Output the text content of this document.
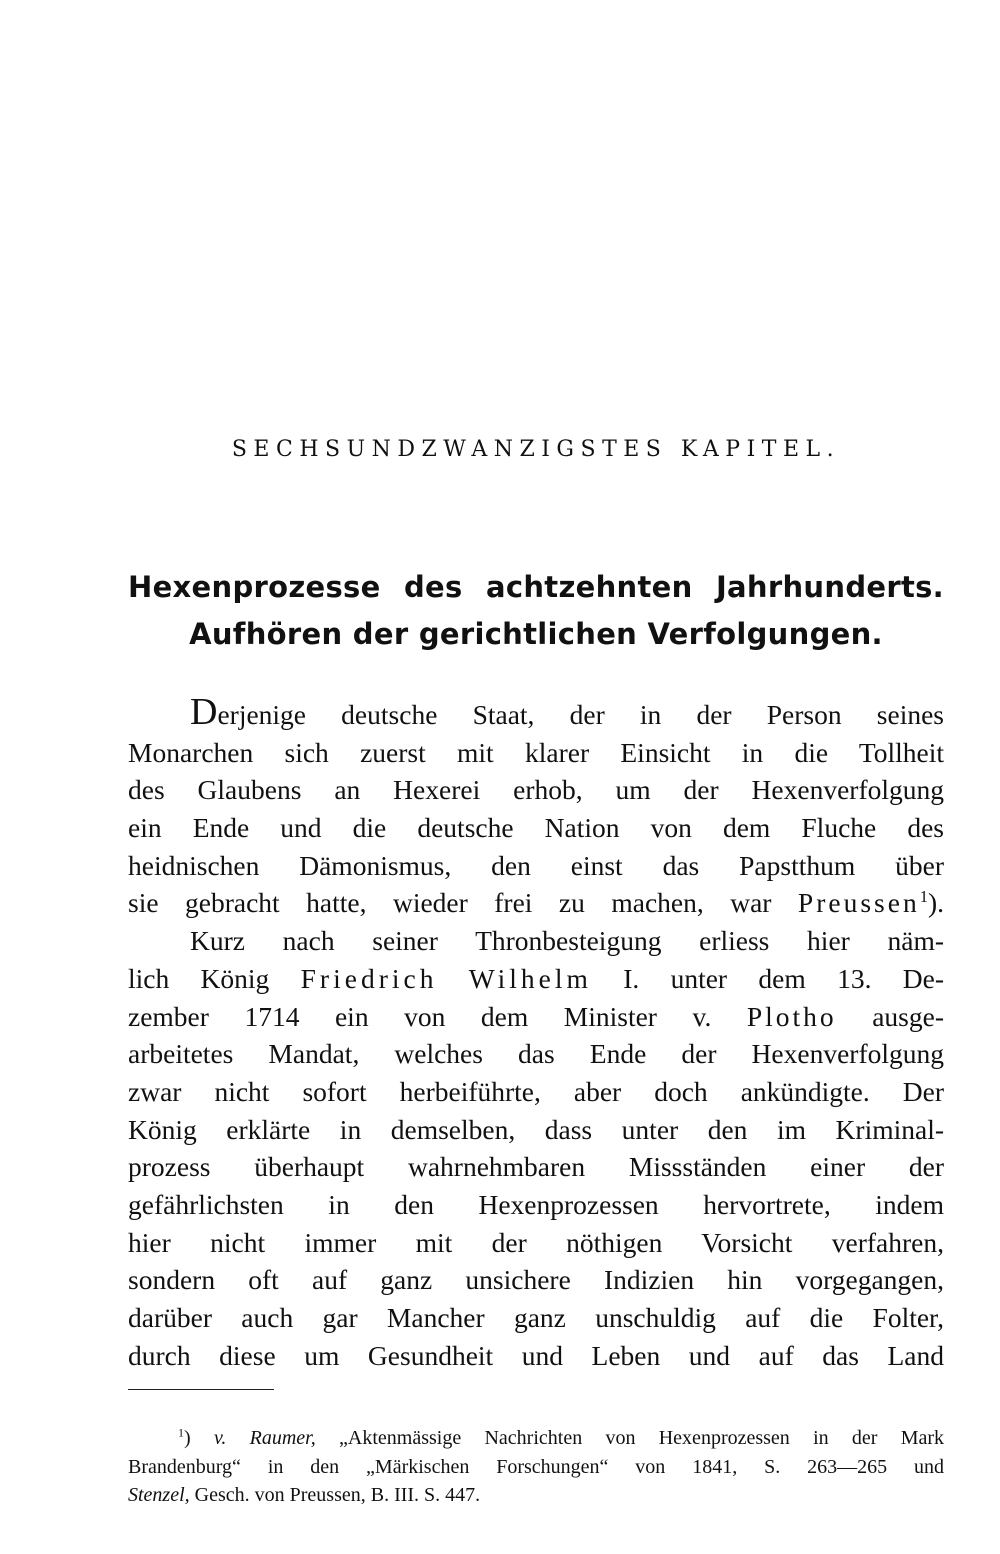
SECHSUNDZWANZIGSTES KAPITEL.
Hexenprozesse des achtzehnten Jahrhunderts.
Aufhören der gerichtlichen Verfolgungen.
Derjenige deutsche Staat, der in der Person seines
Monarchen sich zuerst mit klarer Einsicht in die Tollheit
des Glaubens an Hexerei erhob, um der Hexenverfolgung
ein Ende und die deutsche Nation von dem Fluche des
heidnischen Dämonismus, den einst das Papstthum über
sie gebracht hatte, wieder frei zu machen, war Preussen$^1$).
Kurz nach seiner Thronbesteigung erliess hier näm-
lich König Friedrich Wilhelm I. unter dem 13. De-
zember 1714 ein von dem Minister v. Plotho ausge-
arbeitetes Mandat, welches das Ende der Hexenverfolgung
zwar nicht sofort herbeiführte, aber doch ankündigte. Der
König erklärte in demselben, dass unter den im Kriminal-
prozess überhaupt wahrnehmbaren Missständen einer der
gefährlichsten in den Hexenprozessen hervortrete, indem
hier nicht immer mit der nöthigen Vorsicht verfahren,
sondern oft auf ganz unsichere Indizien hin vorgegangen,
darüber auch gar Mancher ganz unschuldig auf die Folter,
durch diese um Gesundheit und Leben und auf das Land
$^1$) v. Raumer, „Aktenmässige Nachrichten von Hexenprozessen in der Mark
Brandenburg“ in den „Märkischen Forschungen“ von 1841, S. 263—265 und
Stenzel, Gesch. von Preussen, B. III. S. 447.
